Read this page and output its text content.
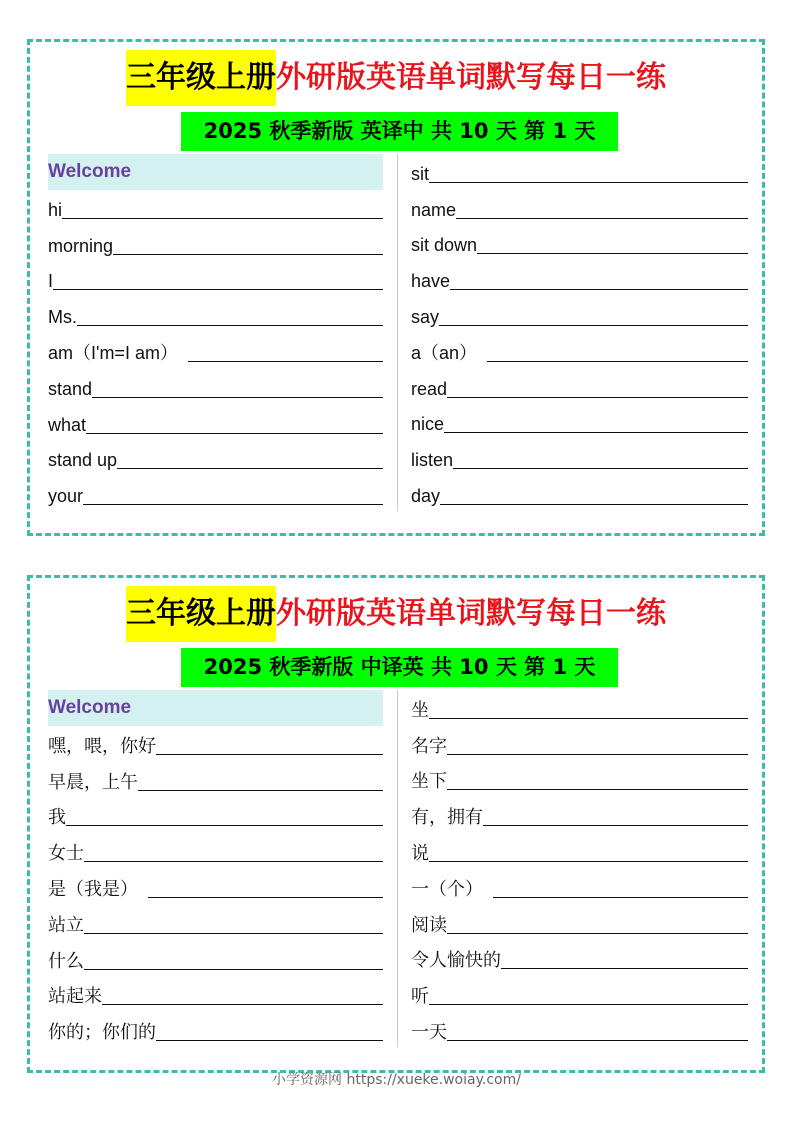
三年级上册外研版英语单词默写每日一练
2025 秋季新版 英译中 共 10 天 第 1 天
Welcome
hi
morning
I
Ms.
am（I'm=I am）
stand
what
stand up
your
sit
name
sit down
have
say
a（an）
read
nice
listen
day
三年级上册外研版英语单词默写每日一练
2025 秋季新版 中译英 共 10 天 第 1 天
Welcome
嘿，喂，你好
早晨，上午
我
女士
是（我是）
站立
什么
站起来
你的；你们的
坐
名字
坐下
有，拥有
说
一（个）
阅读
令人愉快的
听
一天
小学资源网 https://xueke.woiay.com/
